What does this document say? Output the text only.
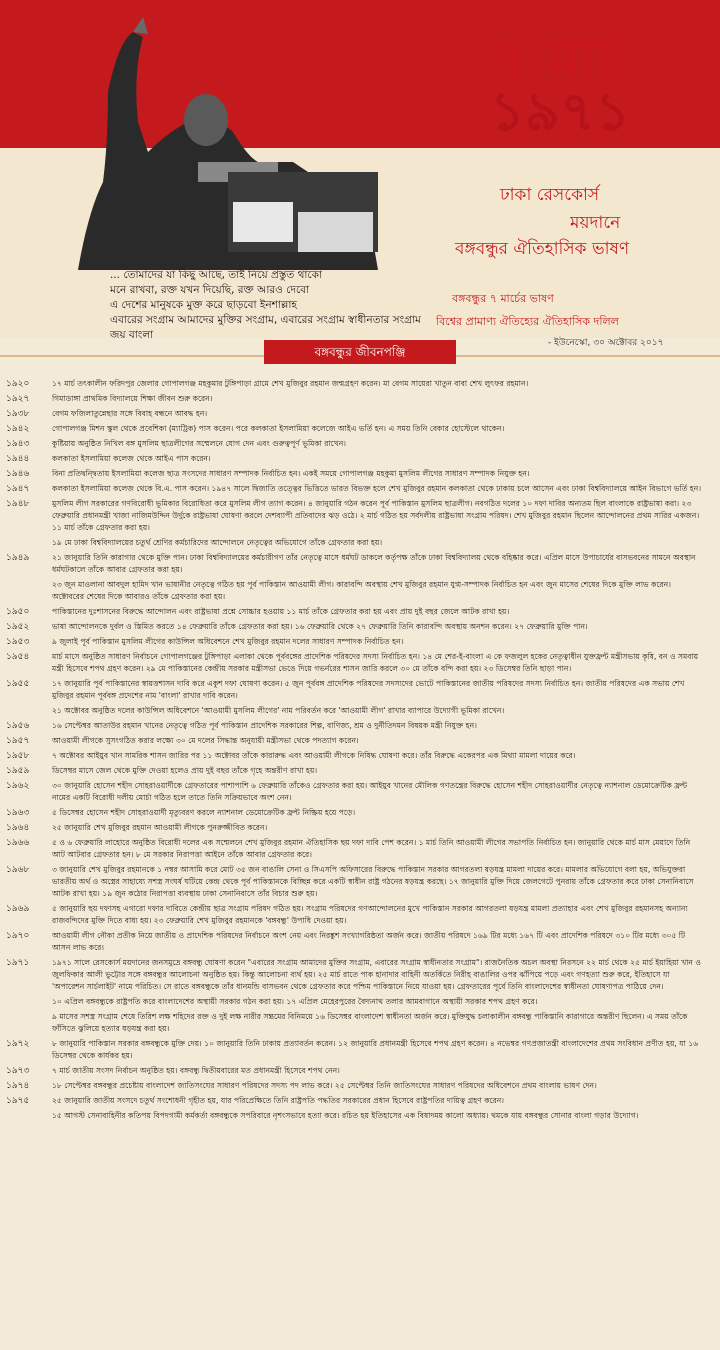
... তোমাদের যা কিছু আছে, তাই নিয়ে প্রস্তুত থাকো
মনে রাখবা, রক্ত যখন দিয়েছি, রক্ত আরও দেবো
এ দেশের মানুষকে মুক্ত করে ছাড়বো ইনশাল্লাহ
এবারের সংগ্রাম আমাদের মুক্তির সংগ্রাম, এবারের সংগ্রাম স্বাধীনতার সংগ্রাম
জয় বাংলা
৭ মার্চ
১৯৭১
ঢাকা রেসকোর্স
ময়দানে
বঙ্গবন্ধুর ঐতিহাসিক ভাষণ
বঙ্গবন্ধুর ৭ মার্চের ভাষণ
বিশ্বের প্রামাণ্য ঐতিহ্যের ঐতিহাসিক দলিল
- ইউনেস্কো, ৩০ অক্টোবর ২০১৭
বঙ্গবন্ধুর জীবনপঞ্জি
১৯২০	১৭ মার্চ তৎকালীন ফরিদপুর জেলার গোপালগঞ্জ মহকুমার টুঙ্গিপাড়া গ্রামে শেখ মুজিবুর রহমান জন্মগ্রহণ করেন। মা বেগম সায়েরা খাতুন বাবা শেখ লুৎফর রহমান।
১৯২৭	গিমাডাঙ্গা প্রাথমিক বিদ্যালয়ে শিক্ষা জীবন শুরু করেন।
১৯৩৮	বেগম ফজিলাতুন্নেছার সঙ্গে বিবাহ বন্ধনে আবদ্ধ হন।
১৯৪২	গোপালগঞ্জ মিশন স্কুল থেকে প্রবেশিকা (ম্যাট্রিক) পাস করেন। পরে কলকাতা ইসলামিয়া কলেজে আইএ ভর্তি হন। এ সময় তিনি বেকার হোস্টেলে থাকেন।
১৯৪৩	কুষ্টিয়ায় অনুষ্ঠিত নিখিল বঙ্গ মুসলিম ছাত্রলীগের সম্মেলনে যোগ দেন এবং গুরুত্বপূর্ণ ভূমিকা রাখেন।
১৯৪৪	কলকাতা ইসলামিয়া কলেজ থেকে আইএ পাস করেন।
১৯৪৬	বিনা প্রতিদ্বন্দ্বিতায় ইসলামিয়া কলেজ ছাত্র সংসদের সাধারণ সম্পাদক নির্বাচিত হন। একই সময়ে গোপালগঞ্জ মহকুমা মুসলিম লীগের সাধারণ সম্পাদক নিযুক্ত হন।
১৯৪৭	কলকাতা ইসলামিয়া কলেজ থেকে বি.এ. পাস করেন। ১৯৪৭ সালে দ্বিজাতি তত্ত্বের ভিত্তিতে ভারত বিভক্ত হলে শেখ মুজিবুর রহমান কলকাতা থেকে ঢাকায় চলে আসেন এবং ঢাকা বিশ্ববিদ্যালয়ে আইন বিভাগে ভর্তি হন।
১৯৪৮	মুসলিম লীগ সরকারের গণবিরোধী ভূমিকার বিরোধিতা করে মুসলিম লীগ ত্যাগ করেন। ৪ জানুয়ারি গঠন করেন পূর্ব পাকিস্তান মুসলিম ছাত্রলীগ। নবগঠিত দলের ১০ দফা দাবির অন্যতম ছিল বাংলাকে রাষ্ট্রভাষা করা। ২৩ ফেব্রুয়ারি প্রধানমন্ত্রী খাজা নাজিমউদ্দিন উর্দুকে রাষ্ট্রভাষা ঘোষণা করলে দেশব্যাপী প্রতিবাদের ঝড় ওঠে। ২ মার্চ গঠিত হয় সর্বদলীয় রাষ্ট্রভাষা সংগ্রাম পরিষদ। শেখ মুজিবুর রহমান ছিলেন আন্দোলনের প্রথম সারির একজন। ১১ মার্চ তাঁকে গ্রেফতার করা হয়।
১৯ মে ঢাকা বিশ্ববিদ্যালয়ের চতুর্থ শ্রেণির কর্মচারিদের আন্দোলনে নেতৃত্বের অভিযোগে তাঁকে গ্রেফতার করা হয়।
১৯৪৯	২১ জানুয়ারি তিনি কারাগার থেকে মুক্তি পান। ঢাকা বিশ্ববিদ্যালয়ের কর্মচারীগণ তাঁর নেতৃত্বে মাসে ধর্মঘট ডাকলে কর্তৃপক্ষ তাঁকে ঢাকা বিশ্ববিদ্যালয় থেকে বহিষ্কার করে। এপ্রিল মাসে উপাচার্যের বাসভবনের সামনে অবস্থান ধর্মঘটকালে তাঁকে আবার গ্রেফতার করা হয়।
২৩ জুন মাওলানা আবদুল হামিদ খান ভাষানীর নেতৃত্বে গঠিত হয় পূর্ব পাকিস্তান আওয়ামী লীগ। কারাবন্দি অবস্থায় শেখ মুজিবুর রহমান যুগ্ম-সম্পাদক নির্বাচিত হন এবং জুন মাসের শেষের দিকে মুক্তি লাভ করেন। অক্টোবরের শেষের দিকে আবারও তাঁকে গ্রেফতার করা হয়।
১৯৫০	পাকিস্তানের দুঃশাসনের বিরুদ্ধে আন্দোলন এবং রাষ্ট্রভাষা প্রশ্নে সোচ্চার হওয়ায় ১১ মার্চ তাঁকে গ্রেফতার করা হয় এবং প্রায় দুই বছর জেলে আটক রাখা হয়।
১৯৫২	ভাষা আন্দোলনকে দুর্বল ও স্তিমিত করতে ১৪ ফেব্রুয়ারি তাঁকে গ্রেফতার করা হয়। ১৬ ফেব্রুয়ারি থেকে ২৭ ফেব্রুয়ারি তিনি কারাবন্দি অবস্থায় অনশন করেন। ২৭ ফেব্রুয়ারি মুক্তি পান।
১৯৫৩	৯ জুলাই পূর্ব পাকিস্তান মুসলিম লীগের কাউন্সিল অধিবেশনে শেখ মুজিবুর রহমান দলের সাধারণ সম্পাদক নির্বাচিত হন।
১৯৫৪	মার্চ মাসে অনুষ্ঠিত সাধারণ নির্বাচনে গোপালগঞ্জের টুঙ্গিপাড়া এলাকা থেকে পূর্ববঙ্গের প্রাদেশিক পরিষদের সদস্য নির্বাচিত হন। ১৪ মে শের-ই-বাংলা এ কে ফজলুল হকের নেতৃত্বাধীন যুক্তফ্রন্ট মন্ত্রীসভায় কৃষি, বন ও সমবায় মন্ত্রী হিসেবে শপথ গ্রহণ করেন। ২৯ মে পাকিস্তানের কেন্দ্রীয় সরকার মন্ত্রীসভা ভেঙে দিয়ে গভর্নরের শাসন জারি করলে ৩০ মে তাঁকে বন্দি করা হয়। ২৩ ডিসেম্বর তিনি ছাড়া পান।
১৯৫৫	১৭ জানুয়ারি পূর্ব পাকিস্তানের স্বায়ত্তশাসন দাবি করে একুশ দফা ঘোষণা করেন। ৫ জুন পূর্ববঙ্গ প্রাদেশিক পরিষদের সদস্যদের ভোটে পাকিস্তানের জাতীয় পরিষদের সদস্য নির্বাচিত হন। জাতীয় পরিষদের এক সভায় শেখ মুজিবুর রহমান পূর্ববঙ্গ প্রদেশের নাম 'বাংলা' রাখার দাবি করেন।
২১ অক্টোবর অনুষ্ঠিত দলের কাউন্সিল অধিবেশনে 'আওয়ামী মুসলিম লীগের' নাম পরিবর্তন করে 'আওয়ামী লীগ' রাখার ব্যাপারে উদ্যোগী ভূমিকা রাখেন।
১৯৫৬	১৬ সেপ্টেম্বর আতাউর রহমান খানের নেতৃত্বে গঠিত পূর্ব পাকিস্তান প্রাদেশিক সরকারের শিল্প, বাণিজ্য, শ্রম ও দুর্নীতিদমন বিষয়ক মন্ত্রী নিযুক্ত হন।
১৯৫৭	আওয়ামী লীগকে সুসংগঠিত করার লক্ষ্যে ৩০ মে দলের সিদ্ধান্ত অনুযায়ী মন্ত্রীসভা থেকে পদত্যাগ করেন।
১৯৫৮	৭ অক্টোবর আইয়ুব খান সামরিক শাসন জারির পর ১১ অক্টোবর তাঁকে কারারুদ্ধ এবং আওয়ামী লীগকে নিষিদ্ধ ঘোষণা করে। তাঁর বিরুদ্ধে একেরপর এক মিথ্যা মামলা দায়ের করে।
১৯৫৯	ডিসেম্বর মাসে জেল থেকে মুক্তি দেওয়া হলেও প্রায় দুই বছর তাঁকে গৃহে অন্তরীণ রাখা হয়।
১৯৬২	৩০ জানুয়ারি হোসেন শহীদ সোহরাওয়ার্দীকে গ্রেফতারের পাশাপাশি ৬ ফেব্রুয়ারি তাঁকেও গ্রেফতার করা হয়। আইয়ুব খানের মৌলিক গণতন্ত্রের বিরুদ্ধে হোসেন শহীদ সোহরাওয়ার্দীর নেতৃত্বে ন্যাশনাল ডেমোক্রেটিক ফ্রন্ট নামের একটি বিরোধী দলীয় মোর্চা গঠিত হলে তাতে তিনি সক্রিয়ভাবে অংশ নেন।
১৯৬৩	৫ ডিসেম্বর হোসেন শহীদ সোহরাওয়ার্দী মৃত্যুবরণ করলে ন্যাশনাল ডেমোক্রেটিক ফ্রন্ট নিষ্ক্রিয় হয়ে পড়ে।
১৯৬৪	২৫ জানুয়ারি শেখ মুজিবুর রহমান আওয়ামী লীগকে পুনরুজ্জীবিত করেন।
১৯৬৬	৫ ও ৬ ফেব্রুয়ারি লাহোরে অনুষ্ঠিত বিরোধী দলের এক সম্মেলনে শেখ মুজিবুর রহমান ঐতিহাসিক ছয় দফা দাবি পেশ করেন। ১ মার্চ তিনি আওয়ামী লীগের সভাপতি নির্বাচিত হন। জানুয়ারি থেকে মার্চ মাস মেয়াদে তিনি আট আটবার গ্রেফতার হন। ৮ মে সরকার নিরাপত্তা আইনে তাঁকে আবার গ্রেফতার করে।
১৯৬৮	৩ জানুয়ারি শেখ মুজিবুর রহমানকে ১ নম্বর আসামি করে মোট ৩৫ জন বাঙালি সেনা ও সিএসপি অফিসারের বিরুদ্ধে পাকিস্তান সরকার আগরতলা ষড়যন্ত্র মামলা দায়ের করে। মামলার অভিযোগে বলা হয়, অভিযুক্তরা ভারতীয় অর্থ ও অস্ত্রের সাহায্যে সশস্ত্র সংঘর্ষ ঘটিয়ে কেন্দ্র থেকে পূর্ব পাকিস্তানকে বিচ্ছিন্ন করে একটি স্বাধীন রাষ্ট্র গঠনের ষড়যন্ত্র করছে। ১৭ জানুয়ারি মুক্তি দিয়ে জেলগেটে পুনরায় তাঁকে গ্রেফতার করে ঢাকা সেনানিবাসে আটক রাখা হয়। ১৯ জুন কঠোর নিরাপত্তা ব্যবস্থায় ঢাকা সেনানিবাসে তাঁর বিচার শুরু হয়।
১৯৬৯	৫ জানুয়ারি ছয় দফাসহ এগারো দফার দাবিতে কেন্দ্রীয় ছাত্র সংগ্রাম পরিষদ গঠিত হয়। সংগ্রাম পরিষদের গণআন্দোলনের মুখে পাকিস্তান সরকার আগরতলা ষড়যন্ত্র মামলা প্রত্যাহার এবং শেখ মুজিবুর রহমানসহ অন্যান্য রাজবন্দিদের মুক্তি দিতে বাধ্য হয়। ২৩ ফেব্রুয়ারি শেখ মুজিবুর রহমানকে 'বঙ্গবন্ধু' উপাধি দেওয়া হয়।
১৯৭০	আওয়ামী লীগ নৌকা প্রতীক নিয়ে জাতীয় ও প্রাদেশিক পরিষদের নির্বাচনে অংশ নেয় এবং নিরঙ্কুশ সংখ্যাগরিষ্ঠতা অর্জন করে। জাতীয় পরিষদে ১৬৯ টির মধ্যে ১৬৭ টি এবং প্রাদেশিক পরিষদে ৩১০ টির মধ্যে ৩০৫ টি আসন লাভ করে।
১৯৭১	১৯৭১ সালে রেসকোর্স ময়দানের জনসমুদ্রে বঙ্গবন্ধু ঘোষণা করেন "এবারের সংগ্রাম আমাদের মুক্তির সংগ্রাম, এবারের সংগ্রাম স্বাধীনতার সংগ্রাম"। রাজনৈতিক অচল অবস্থা নিরসনে ২২ মার্চ থেকে ২৫ মার্চ ইয়াহিয়া খান ও জুলফিকার আলী ভুট্টোর সঙ্গে বঙ্গবন্ধুর আলোচনা অনুষ্ঠিত হয়। কিন্তু আলোচনা ব্যর্থ হয়। ২৫ মার্চ রাতে পাক হানাদার বাহিনী অতর্কিতে নিরীহ বাঙালির ওপর ঝাঁপিয়ে পড়ে এবং গণহত্যা শুরু করে, ইতিহাসে যা 'অপারেশন সার্চলাইট' নামে পরিচিত। সে রাতে বঙ্গবন্ধুকে তাঁর ধানমন্ডি বাসভবন থেকে গ্রেফতার করে পশ্চিম পাকিস্তানে নিয়ে যাওয়া হয়। গ্রেফতারের পূর্বে তিনি বাংলাদেশের স্বাধীনতা ঘোষণাপত্র পাঠিয়ে দেন।
১০ এপ্রিল বঙ্গবন্ধুকে রাষ্ট্রপতি করে বাংলাদেশের অস্থায়ী সরকার গঠন করা হয়। ১৭ এপ্রিল মেহেরপুরের বৈদ্যনাথ তলার আমবাগানে অস্থায়ী সরকার শপথ গ্রহণ করে।
৯ মাসের সশস্ত্র সংগ্রাম শেষে তিরিশ লক্ষ শহিদের রক্ত ও দুই লক্ষ নারীর সম্ভ্রমের বিনিময়ে ১৬ ডিসেম্বর বাংলাদেশ স্বাধীনতা অর্জন করে। মুক্তিযুদ্ধ চলাকালীন বঙ্গবন্ধু পাকিস্তানি কারাগারে অন্তরীণ ছিলেন। এ সময় তাঁকে ফাঁসিতে ঝুলিয়ে হত্যার ষড়যন্ত্র করা হয়।
১৯৭২	৮ জানুয়ারি পাকিস্তান সরকার বঙ্গবন্ধুকে মুক্তি দেয়। ১০ জানুয়ারি তিনি ঢাকায় প্রত্যাবর্তন করেন। ১২ জানুয়ারি প্রধানমন্ত্রী হিসেবে শপথ গ্রহণ করেন। ৪ নভেম্বর গণপ্রজাতন্ত্রী বাংলাদেশের প্রথম সংবিধান প্রণীত হয়, যা ১৬ ডিসেম্বর থেকে কার্যকর হয়।
১৯৭৩	৭ মার্চ জাতীয় সংসদ নির্বাচন অনুষ্ঠিত হয়। বঙ্গবন্ধু দ্বিতীয়বারের মত প্রধানমন্ত্রী হিসেবে শপথ নেন।
১৯৭৪	১৮ সেপ্টেম্বর বঙ্গবন্ধুর প্রচেষ্টায় বাংলাদেশ জাতিসংঘের সাধারণ পরিষদের সদস্য পদ লাভ করে। ২৫ সেপ্টেম্বর তিনি জাতিসংঘের সাধারণ পরিষদের অধিবেশনে প্রথম বাংলায় ভাষণ দেন।
১৯৭৫	২৫ জানুয়ারি জাতীয় সংসদে চতুর্থ সংশোধনী গৃহীত হয়, যার পরিপ্রেক্ষিতে তিনি রাষ্ট্রপতি পদ্ধতির সরকারের প্রধান হিসেবে রাষ্ট্রপতির দায়িত্ব গ্রহণ করেন।
১৫ আগস্ট সেনাবাহিনীর কতিপয় বিপদগামী কর্মকর্তা বঙ্গবন্ধুকে সপরিবারে নৃশংসভাবে হত্যা করে। রচিত হয় ইতিহাসের এক বিষাদময় কালো অধ্যায়। থমকে যায় বঙ্গবন্ধুর সোনার বাংলা গড়ার উদ্যোগ।
